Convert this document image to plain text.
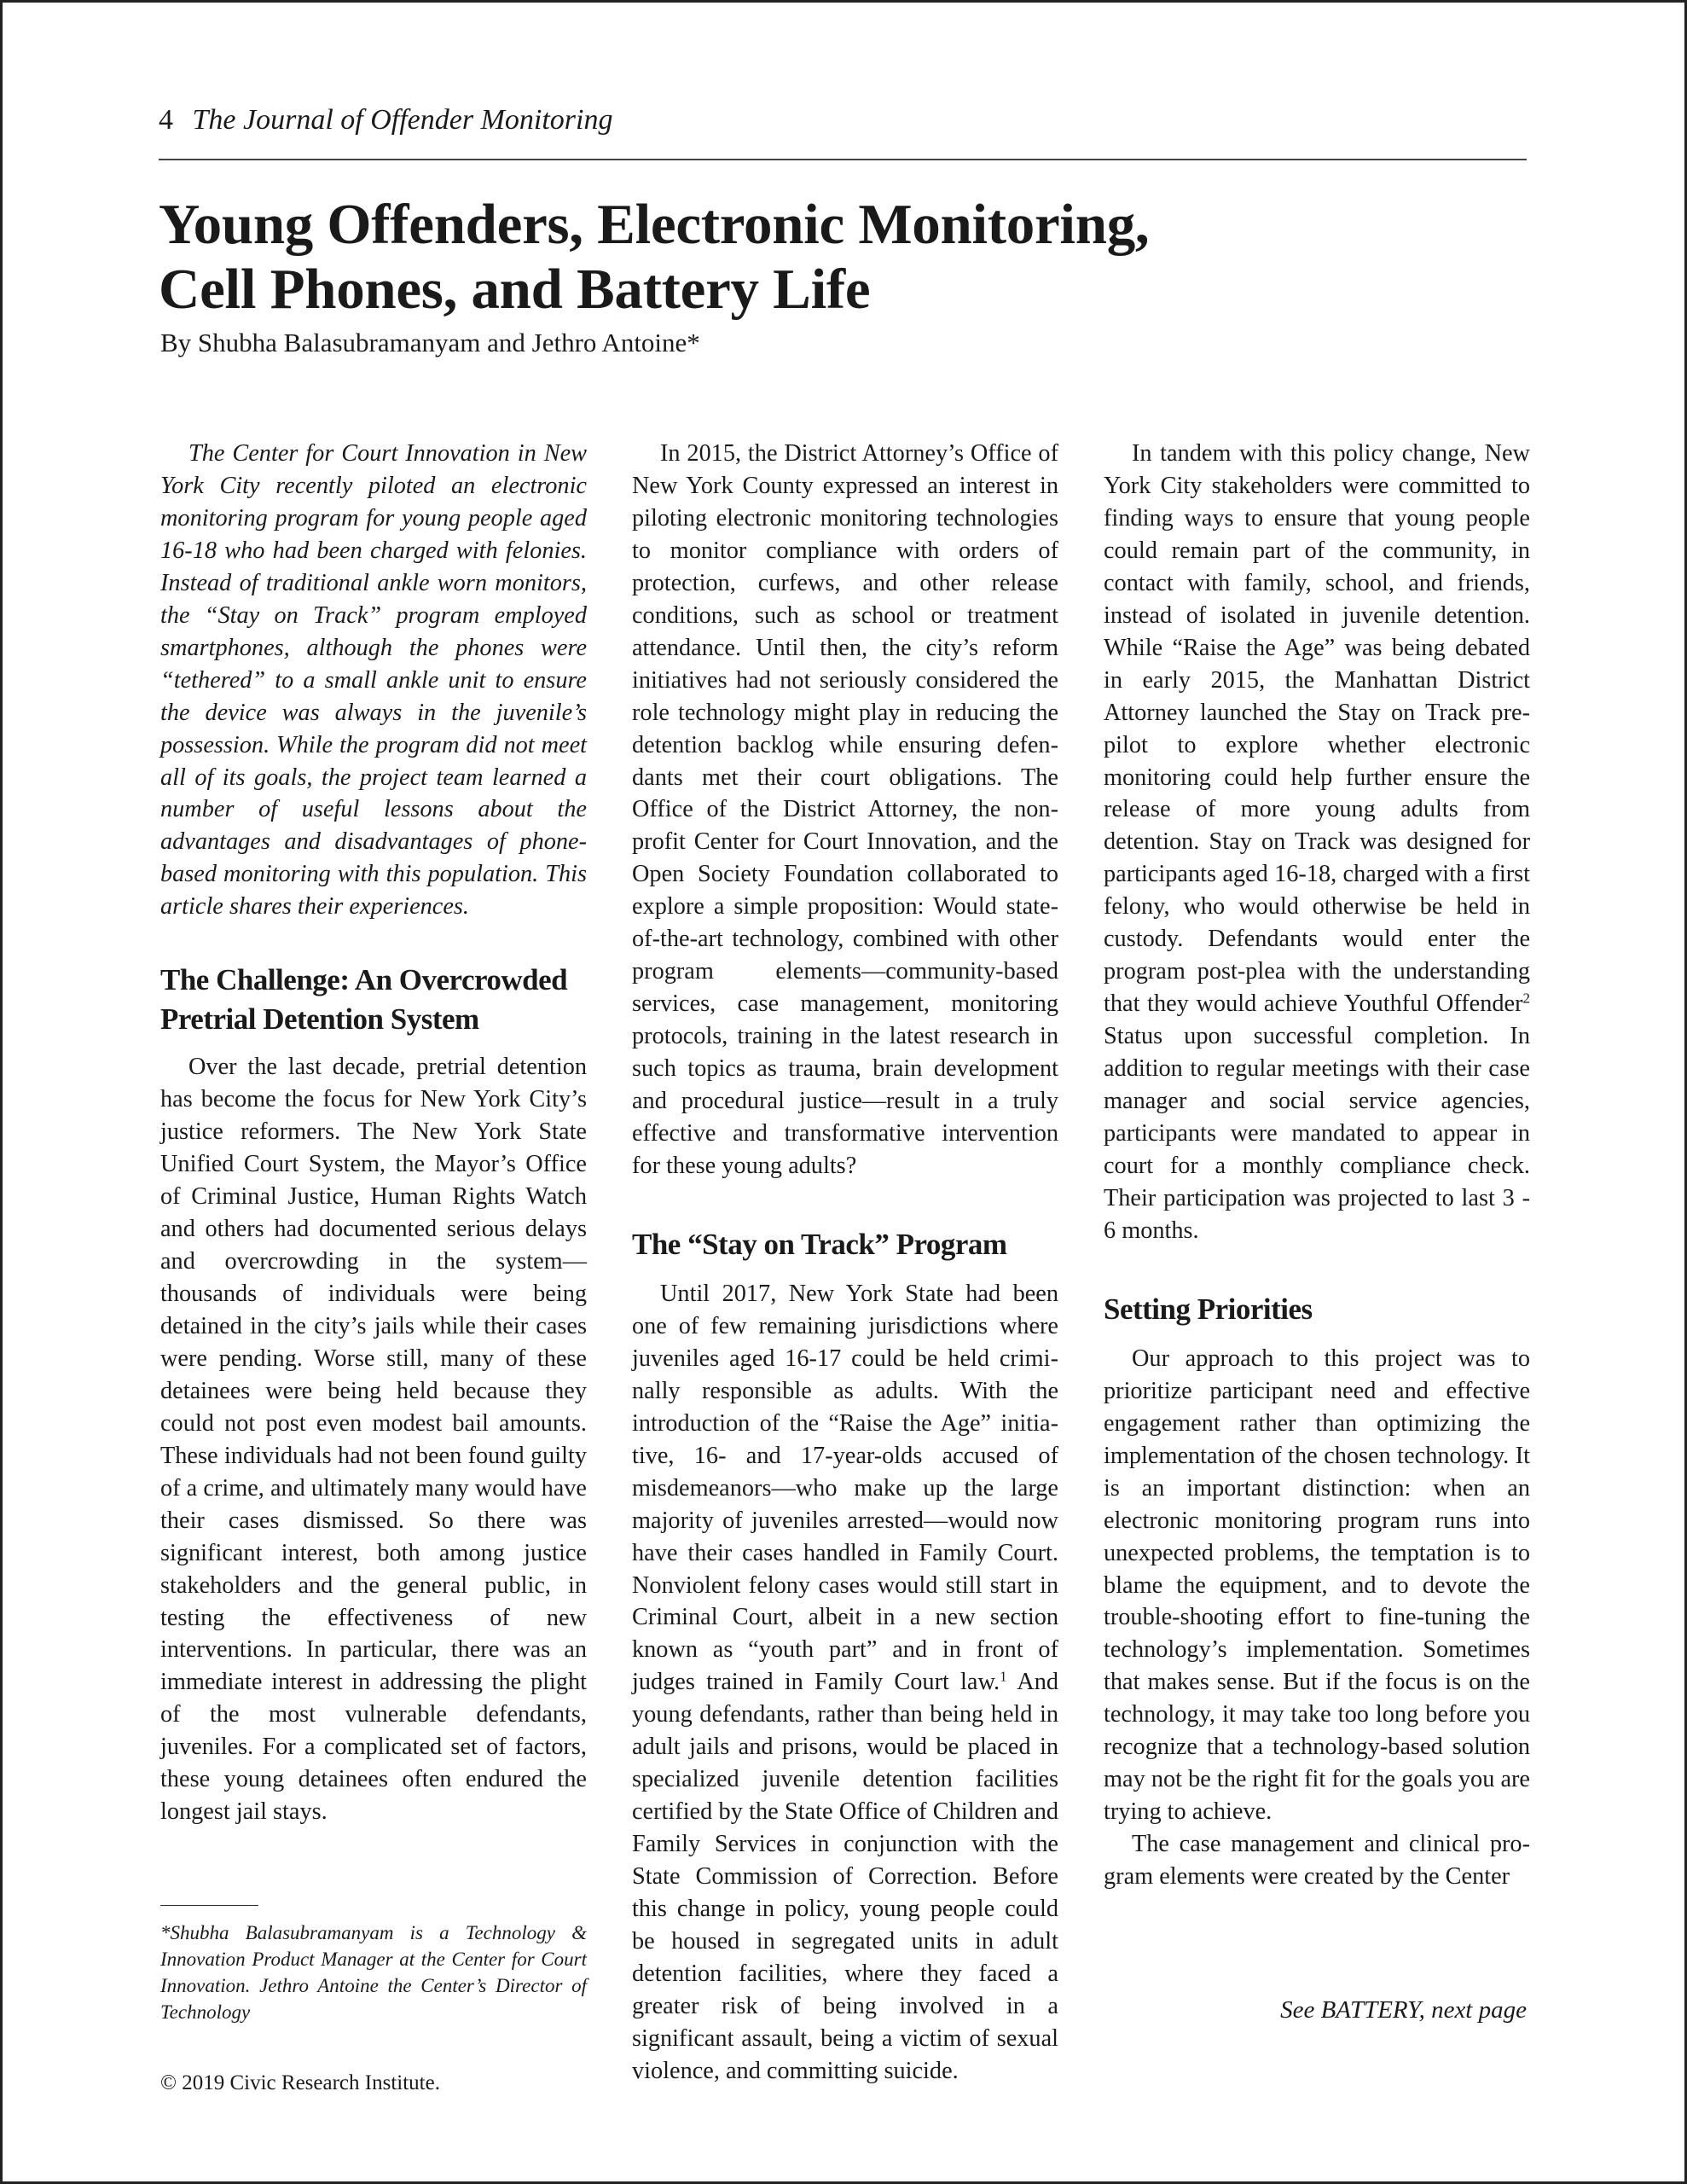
4 The Journal of Offender Monitoring
Young Offenders, Electronic Monitoring,
Cell Phones, and Battery Life
By Shubha Balasubramanyam and Jethro Antoine*

The Center for Court Innovation in New York City recently piloted an electronic monitoring program for young people aged 16-18 who had been charged with felonies. Instead of traditional ankle worn monitors, the “Stay on Track” program employed smartphones, although the phones were “tethered” to a small ankle unit to ensure the device was always in the juvenile’s possession. While the program did not meet all of its goals, the project team learned a number of useful lessons about the advantages and disadvantages of phone-based monitoring with this population. This article shares their experiences.

The Challenge: An Overcrowded Pretrial Detention System

Over the last decade, pretrial detention has become the focus for New York City’s justice reformers. The New York State Unified Court System, the Mayor’s Office of Criminal Justice, Human Rights Watch and others had documented serious delays and overcrowding in the system—thousands of individuals were being detained in the city’s jails while their cases were pending. Worse still, many of these detainees were being held because they could not post even modest bail amounts. These individuals had not been found guilty of a crime, and ultimately many would have their cases dismissed. So there was significant interest, both among justice stakeholders and the general public, in testing the effectiveness of new interventions. In particular, there was an immediate interest in addressing the plight of the most vulnerable defendants, juveniles. For a complicated set of factors, these young detainees often endured the longest jail stays.

In 2015, the District Attorney’s Office of New York County expressed an interest in piloting electronic monitoring technologies to monitor compliance with orders of protection, curfews, and other release conditions, such as school or treatment attendance. Until then, the city’s reform initiatives had not seriously considered the role technology might play in reducing the detention backlog while ensuring defendants met their court obligations. The Office of the District Attorney, the nonprofit Center for Court Innovation, and the Open Society Foundation collaborated to explore a simple proposition: Would state-of-the-art technology, combined with other program elements—community-based services, case management, monitoring protocols, training in the latest research in such topics as trauma, brain development and procedural justice—result in a truly effective and transformative intervention for these young adults?

The “Stay on Track” Program

Until 2017, New York State had been one of few remaining jurisdictions where juveniles aged 16-17 could be held criminally responsible as adults. With the introduction of the “Raise the Age” initiative, 16- and 17-year-olds accused of misdemeanors—who make up the large majority of juveniles arrested—would now have their cases handled in Family Court. Nonviolent felony cases would still start in Criminal Court, albeit in a new section known as “youth part” and in front of judges trained in Family Court law.$^1$ And young defendants, rather than being held in adult jails and prisons, would be placed in specialized juvenile detention facilities certified by the State Office of Children and Family Services in conjunction with the State Commission of Correction. Before this change in policy, young people could be housed in segregated units in adult detention facilities, where they faced a greater risk of being involved in a significant assault, being a victim of sexual violence, and committing suicide.

In tandem with this policy change, New York City stakeholders were committed to finding ways to ensure that young people could remain part of the community, in contact with family, school, and friends, instead of isolated in juvenile detention. While “Raise the Age” was being debated in early 2015, the Manhattan District Attorney launched the Stay on Track pre-pilot to explore whether electronic monitoring could help further ensure the release of more young adults from detention. Stay on Track was designed for participants aged 16-18, charged with a first felony, who would otherwise be held in custody. Defendants would enter the program post-plea with the understanding that they would achieve Youthful Offender$^2$ Status upon successful completion. In addition to regular meetings with their case manager and social service agencies, participants were mandated to appear in court for a monthly compliance check. Their participation was projected to last 3 - 6 months.

Setting Priorities

Our approach to this project was to prioritize participant need and effective engagement rather than optimizing the implementation of the chosen technology. It is an important distinction: when an electronic monitoring program runs into unexpected problems, the temptation is to blame the equipment, and to devote the trouble-shooting effort to fine-tuning the technology’s implementation. Sometimes that makes sense. But if the focus is on the technology, it may take too long before you recognize that a technology-based solution may not be the right fit for the goals you are trying to achieve.

The case management and clinical program elements were created by the Center

*Shubha Balasubramanyam is a Technology & Innovation Product Manager at the Center for Court Innovation. Jethro Antoine the Center’s Director of Technology	See BATTERY, next page
© 2019 Civic Research Institute.
